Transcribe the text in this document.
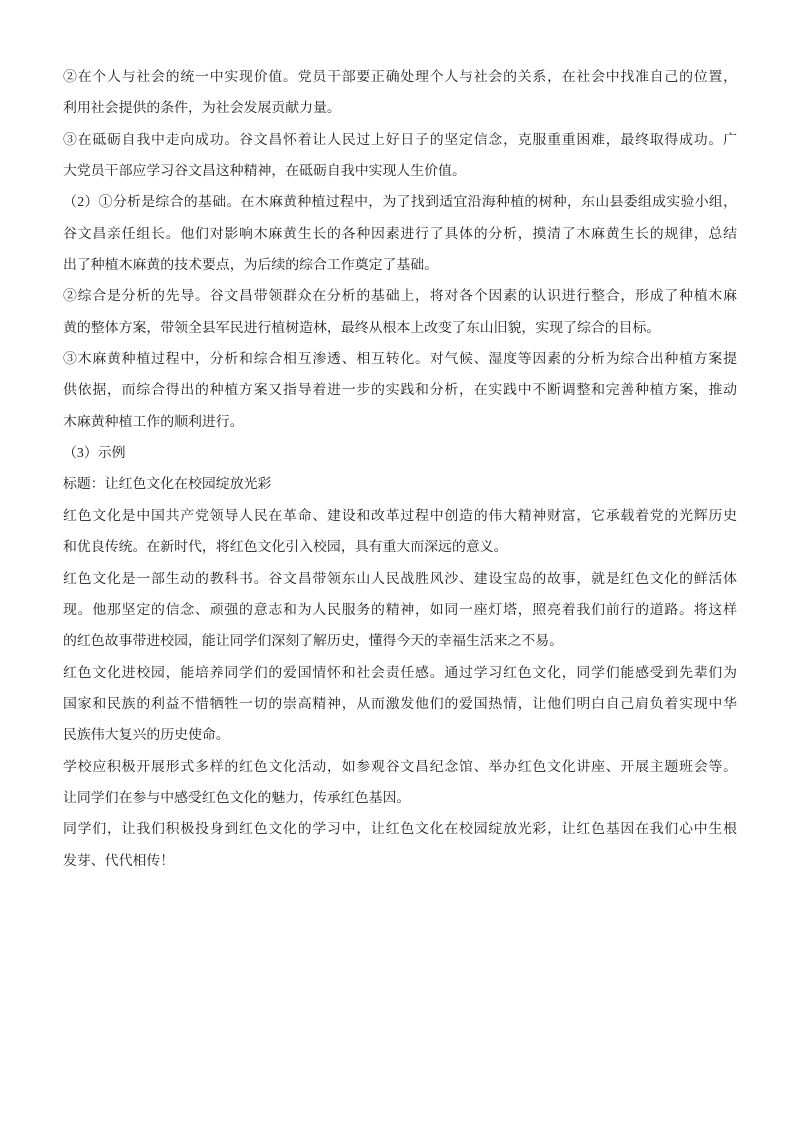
②在个人与社会的统一中实现价值。党员干部要正确处理个人与社会的关系，在社会中找准自己的位置，
利用社会提供的条件，为社会发展贡献力量。
③在砥砺自我中走向成功。谷文昌怀着让人民过上好日子的坚定信念，克服重重困难，最终取得成功。广
大党员干部应学习谷文昌这种精神，在砥砺自我中实现人生价值。
（2）①分析是综合的基础。在木麻黄种植过程中，为了找到适宜沿海种植的树种，东山县委组成实验小组，
谷文昌亲任组长。他们对影响木麻黄生长的各种因素进行了具体的分析，摸清了木麻黄生长的规律，总结
出了种植木麻黄的技术要点，为后续的综合工作奠定了基础。
②综合是分析的先导。谷文昌带领群众在分析的基础上，将对各个因素的认识进行整合，形成了种植木麻
黄的整体方案，带领全县军民进行植树造林，最终从根本上改变了东山旧貌，实现了综合的目标。
③木麻黄种植过程中，分析和综合相互渗透、相互转化。对气候、湿度等因素的分析为综合出种植方案提
供依据，而综合得出的种植方案又指导着进一步的实践和分析，在实践中不断调整和完善种植方案，推动
木麻黄种植工作的顺利进行。
（3）示例
标题：让红色文化在校园绽放光彩
红色文化是中国共产党领导人民在革命、建设和改革过程中创造的伟大精神财富，它承载着党的光辉历史
和优良传统。在新时代，将红色文化引入校园，具有重大而深远的意义。
红色文化是一部生动的教科书。谷文昌带领东山人民战胜风沙、建设宝岛的故事，就是红色文化的鲜活体
现。他那坚定的信念、顽强的意志和为人民服务的精神，如同一座灯塔，照亮着我们前行的道路。将这样
的红色故事带进校园，能让同学们深刻了解历史，懂得今天的幸福生活来之不易。
红色文化进校园，能培养同学们的爱国情怀和社会责任感。通过学习红色文化，同学们能感受到先辈们为
国家和民族的利益不惜牺牲一切的崇高精神，从而激发他们的爱国热情，让他们明白自己肩负着实现中华
民族伟大复兴的历史使命。
学校应积极开展形式多样的红色文化活动，如参观谷文昌纪念馆、举办红色文化讲座、开展主题班会等。
让同学们在参与中感受红色文化的魅力，传承红色基因。
同学们，让我们积极投身到红色文化的学习中，让红色文化在校园绽放光彩，让红色基因在我们心中生根
发芽、代代相传！
